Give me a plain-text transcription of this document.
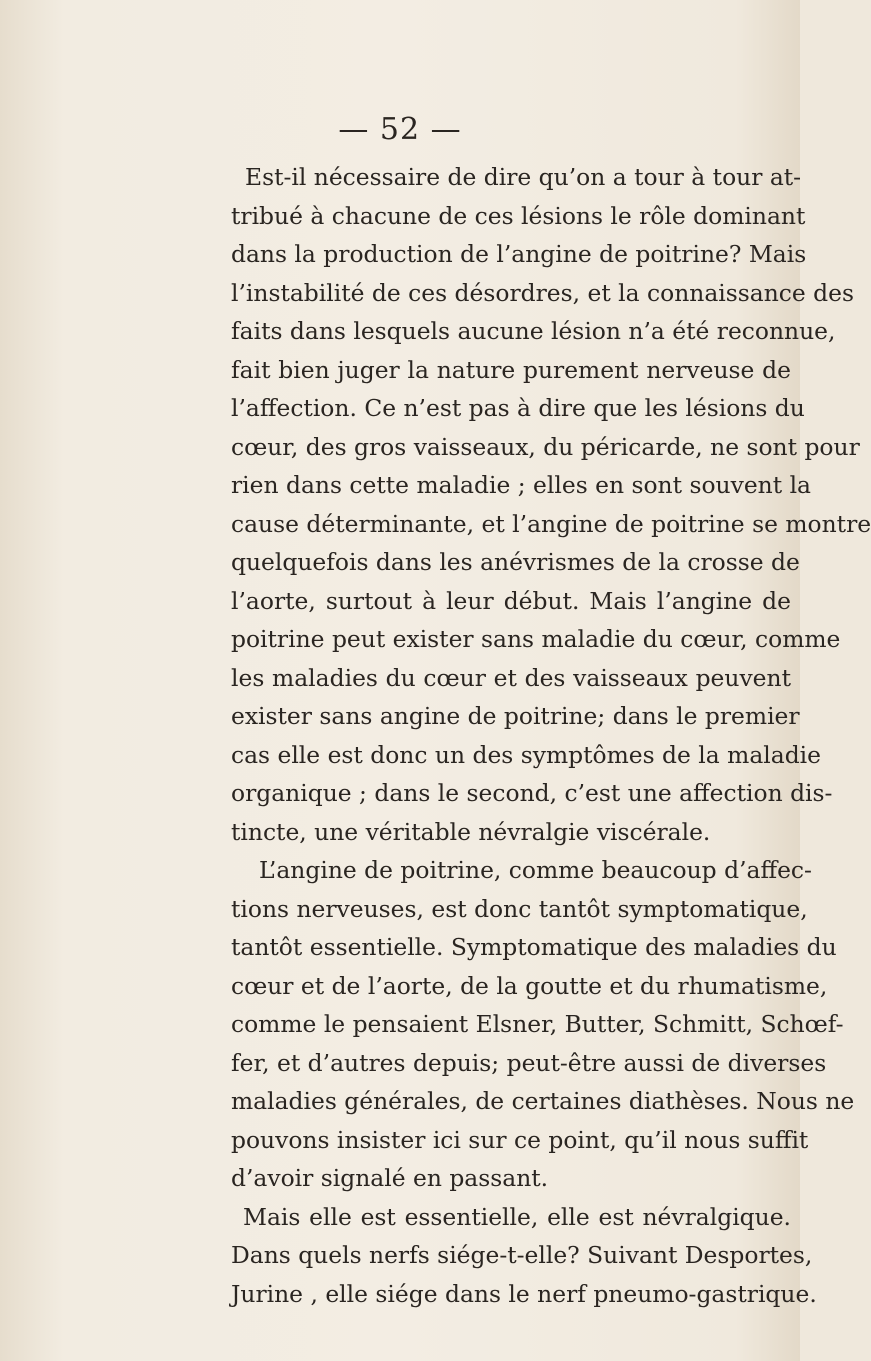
— 52 —
Est-il nécessaire de dire qu’on a tour à tour at-
tribué à chacune de ces lésions le rôle dominant
dans la production de l’angine de poitrine? Mais
l’instabilité de ces désordres, et la connaissance des
faits dans lesquels aucune lésion n’a été reconnue,
fait bien juger la nature purement nerveuse de
l’affection. Ce n’est pas à dire que les lésions du
cœur, des gros vaisseaux, du péricarde, ne sont pour
rien dans cette maladie ; elles en sont souvent la
cause déterminante, et l’angine de poitrine se montre
quelquefois dans les anévrismes de la crosse de
l’aorte, surtout à leur début. Mais l’angine de
poitrine peut exister sans maladie du cœur, comme
les maladies du cœur et des vaisseaux peuvent
exister sans angine de poitrine; dans le premier
cas elle est donc un des symptômes de la maladie
organique ; dans le second, c’est une affection dis-
tincte, une véritable névralgie viscérale.
L’angine de poitrine, comme beaucoup d’affec-
tions nerveuses, est donc tantôt symptomatique,
tantôt essentielle. Symptomatique des maladies du
cœur et de l’aorte, de la goutte et du rhumatisme,
comme le pensaient Elsner, Butter, Schmitt, Schœf-
fer, et d’autres depuis; peut-être aussi de diverses
maladies générales, de certaines diathèses. Nous ne
pouvons insister ici sur ce point, qu’il nous suffit
d’avoir signalé en passant.
Mais elle est essentielle, elle est névralgique.
Dans quels nerfs siége-t-elle? Suivant Desportes,
Jurine , elle siége dans le nerf pneumo-gastrique.
